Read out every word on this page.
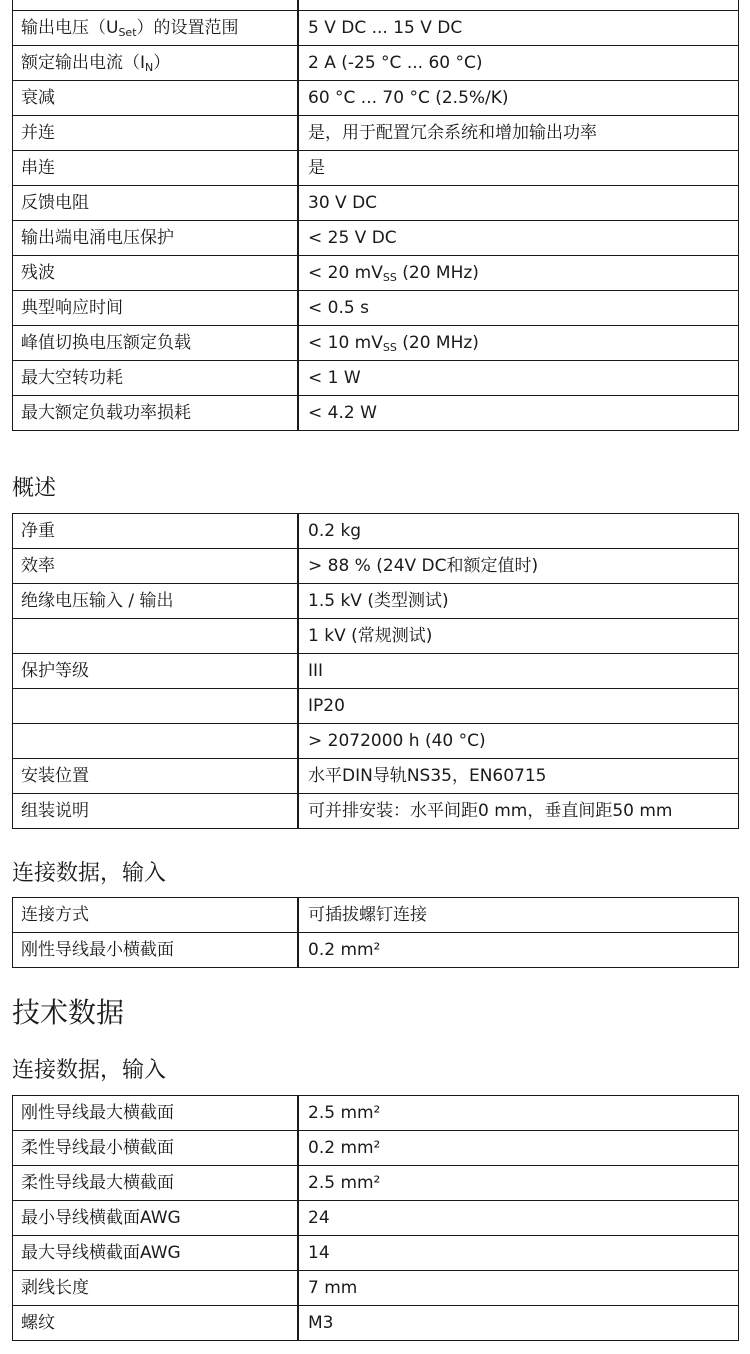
输出电压$(U_{Set})$的设置范围	5 V DC ... 15 V DC
额定输出电流$(I_N)$	2 A (-25 °C ... 60 °C)
衰减	60 °C ... 70 °C (2.5%/K)
并连	是，用于配置冗余系统和增加输出功率
串连	是
反馈电阻	30 V DC
输出端电涌电压保护	< 25 V DC
残波	< 20 $mV_{SS}$ (20 MHz)
典型响应时间	< 0.5 s
峰值切换电压额定负载	< 10 $mV_{SS}$ (20 MHz)
最大空转功耗	< 1 W
最大额定负载功率损耗	< 4.2 W
概述
净重	0.2 kg
效率	> 88 % (24V DC和额定值时)
绝缘电压输入 / 输出	1.5 kV (类型测试)
	1 kV (常规测试)
保护等级	III
	IP20
	> 2072000 h (40 °C)
安装位置	水平DIN导轨NS35，EN60715
组装说明	可并排安装：水平间距0 mm，垂直间距50 mm
连接数据，输入
连接方式	可插拔螺钉连接
刚性导线最小横截面	0.2 mm²
技术数据
连接数据，输入
刚性导线最大横截面	2.5 mm²
柔性导线最小横截面	0.2 mm²
柔性导线最大横截面	2.5 mm²
最小导线横截面AWG	24
最大导线横截面AWG	14
剥线长度	7 mm
螺纹	M3
